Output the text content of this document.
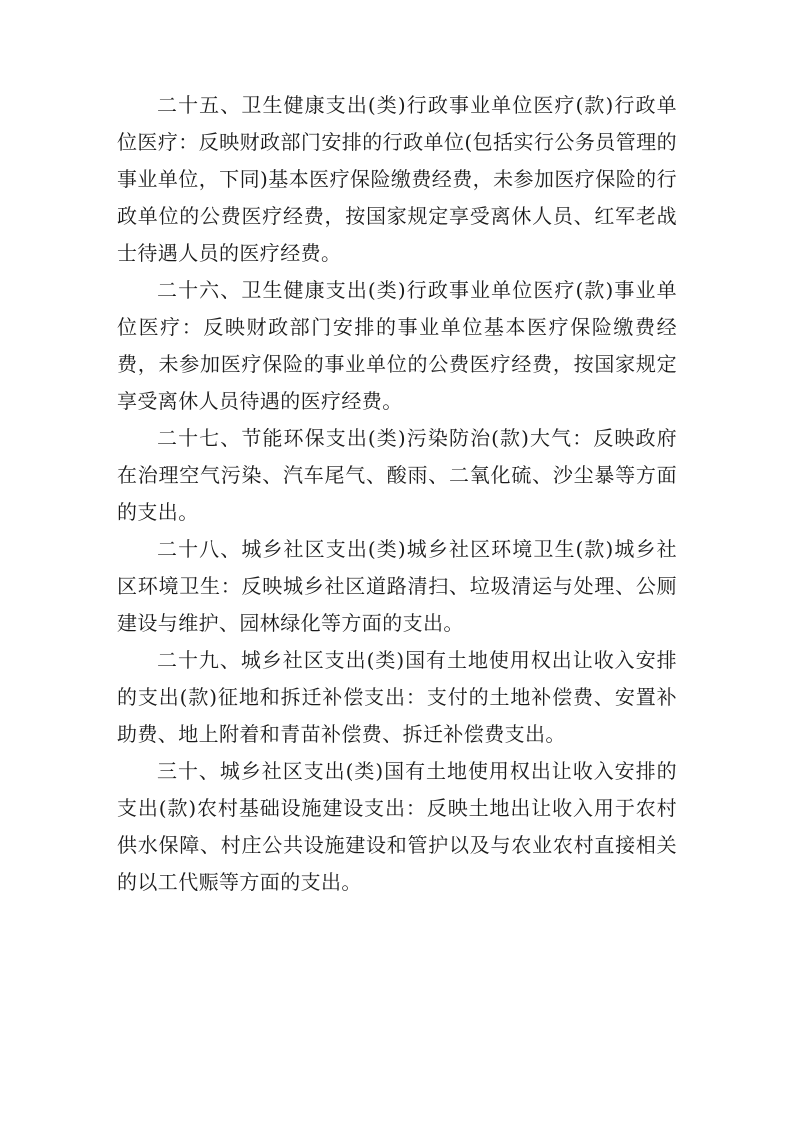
二十五、卫生健康支出(类)行政事业单位医疗(款)行政单位医疗：反映财政部门安排的行政单位(包括实行公务员管理的事业单位，下同)基本医疗保险缴费经费，未参加医疗保险的行政单位的公费医疗经费，按国家规定享受离休人员、红军老战士待遇人员的医疗经费。

二十六、卫生健康支出(类)行政事业单位医疗(款)事业单位医疗：反映财政部门安排的事业单位基本医疗保险缴费经费，未参加医疗保险的事业单位的公费医疗经费，按国家规定享受离休人员待遇的医疗经费。

二十七、节能环保支出(类)污染防治(款)大气：反映政府在治理空气污染、汽车尾气、酸雨、二氧化硫、沙尘暴等方面的支出。

二十八、城乡社区支出(类)城乡社区环境卫生(款)城乡社区环境卫生：反映城乡社区道路清扫、垃圾清运与处理、公厕建设与维护、园林绿化等方面的支出。

二十九、城乡社区支出(类)国有土地使用权出让收入安排的支出(款)征地和拆迁补偿支出：支付的土地补偿费、安置补助费、地上附着和青苗补偿费、拆迁补偿费支出。

三十、城乡社区支出(类)国有土地使用权出让收入安排的支出(款)农村基础设施建设支出：反映土地出让收入用于农村供水保障、村庄公共设施建设和管护以及与农业农村直接相关的以工代赈等方面的支出。
